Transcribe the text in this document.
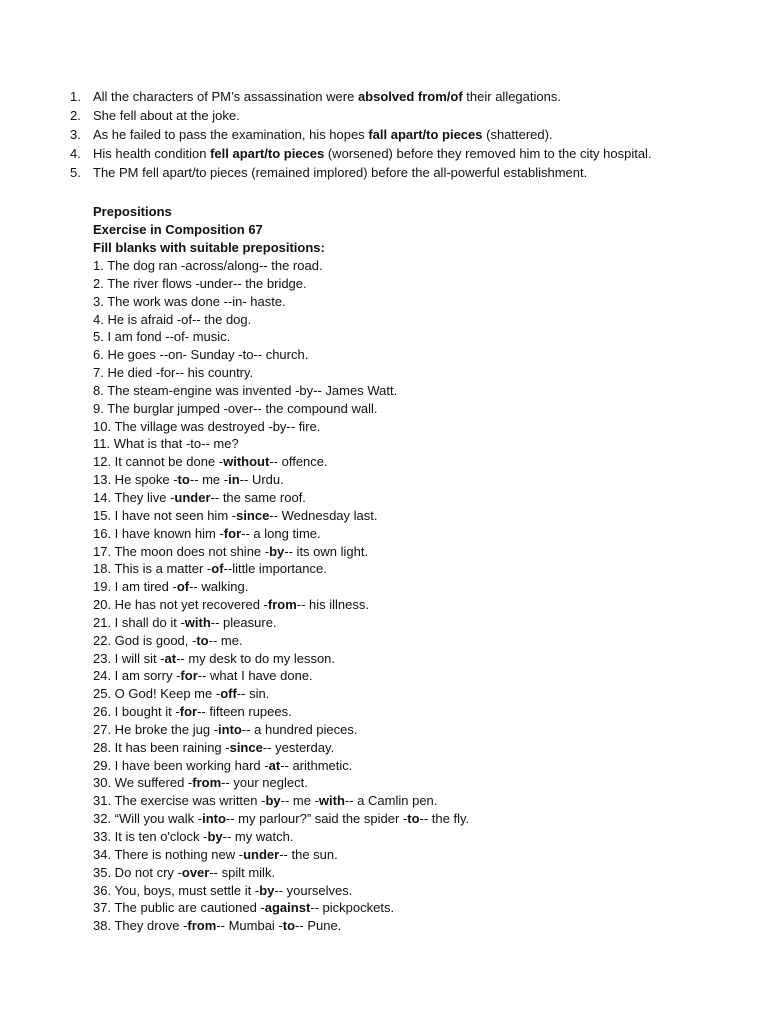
1. All the characters of PM’s assassination were absolved from/of their allegations.
2. She fell about at the joke.
3. As he failed to pass the examination, his hopes fall apart/to pieces (shattered).
4. His health condition fell apart/to pieces (worsened) before they removed him to the city hospital.
5. The PM fell apart/to pieces (remained implored) before the all-powerful establishment.
Prepositions
Exercise in Composition 67
Fill blanks with suitable prepositions:
1. The dog ran -across/along-- the road.
2. The river flows -under-- the bridge.
3. The work was done --in- haste.
4. He is afraid -of-- the dog.
5. I am fond --of- music.
6. He goes --on- Sunday -to-- church.
7. He died -for-- his country.
8. The steam-engine was invented -by-- James Watt.
9. The burglar jumped -over-- the compound wall.
10. The village was destroyed -by-- fire.
11. What is that -to-- me?
12. It cannot be done -without-- offence.
13. He spoke -to-- me -in-- Urdu.
14. They live -under-- the same roof.
15. I have not seen him -since-- Wednesday last.
16. I have known him -for-- a long time.
17. The moon does not shine -by-- its own light.
18. This is a matter -of--little importance.
19. I am tired -of-- walking.
20. He has not yet recovered -from-- his illness.
21. I shall do it -with-- pleasure.
22. God is good, -to-- me.
23. I will sit -at-- my desk to do my lesson.
24. I am sorry -for-- what I have done.
25. O God! Keep me -off-- sin.
26. I bought it -for-- fifteen rupees.
27. He broke the jug -into-- a hundred pieces.
28. It has been raining -since-- yesterday.
29. I have been working hard -at-- arithmetic.
30. We suffered -from-- your neglect.
31. The exercise was written -by-- me -with-- a Camlin pen.
32. “Will you walk -into-- my parlour?” said the spider -to-- the fly.
33. It is ten o'clock -by-- my watch.
34. There is nothing new -under-- the sun.
35. Do not cry -over-- spilt milk.
36. You, boys, must settle it -by-- yourselves.
37. The public are cautioned -against-- pickpockets.
38. They drove -from-- Mumbai -to-- Pune.
